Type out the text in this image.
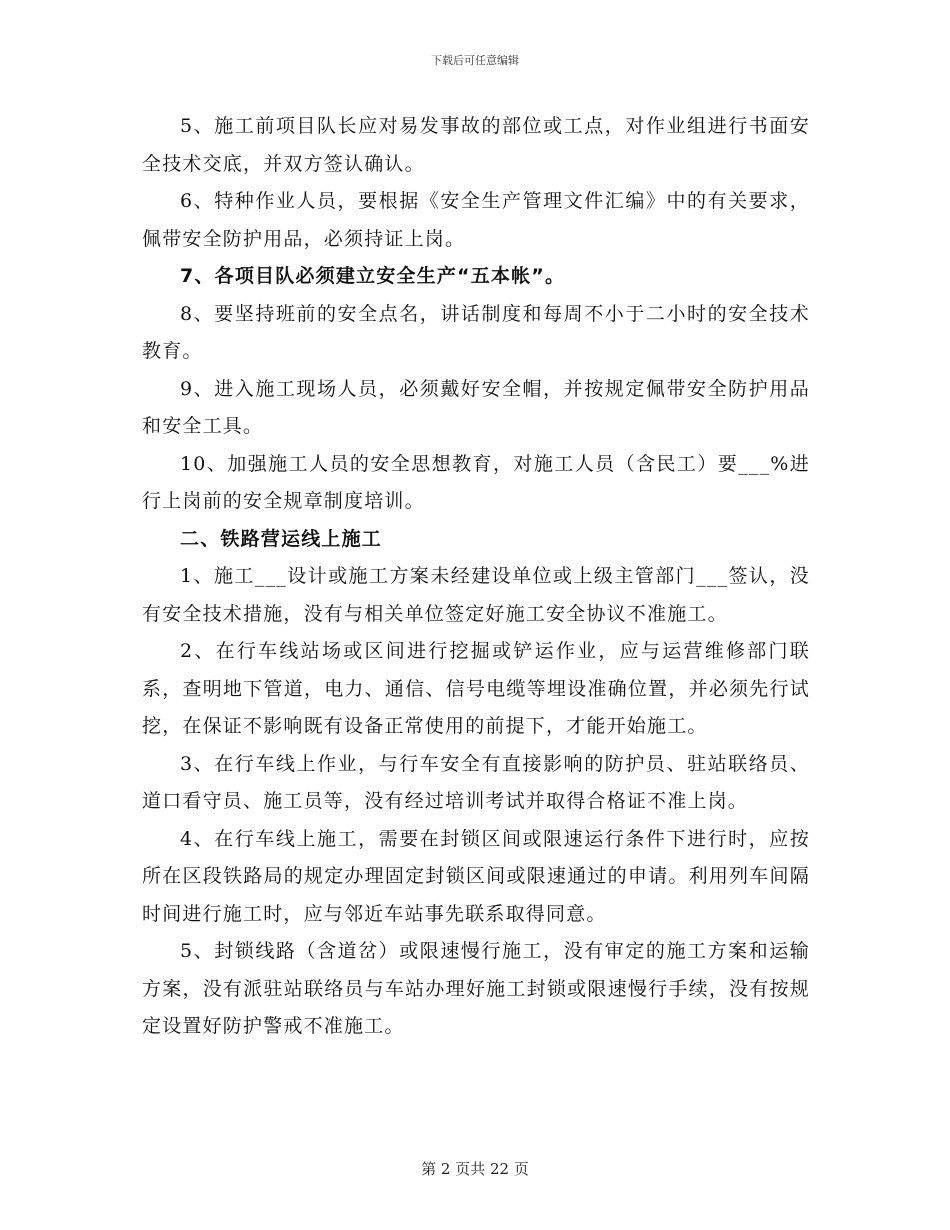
下载后可任意编辑

5、施工前项目队长应对易发事故的部位或工点，对作业组进行书面安全技术交底，并双方签认确认。

6、特种作业人员，要根据《安全生产管理文件汇编》中的有关要求，佩带安全防护用品，必须持证上岗。

7、各项目队必须建立安全生产“五本帐”。

8、要坚持班前的安全点名，讲话制度和每周不小于二小时的安全技术教育。

9、进入施工现场人员，必须戴好安全帽，并按规定佩带安全防护用品和安全工具。

10、加强施工人员的安全思想教育，对施工人员（含民工）要___%进行上岗前的安全规章制度培训。

二、铁路营运线上施工

1、施工___设计或施工方案未经建设单位或上级主管部门___签认，没有安全技术措施，没有与相关单位签定好施工安全协议不准施工。

2、在行车线站场或区间进行挖掘或铲运作业，应与运营维修部门联系，查明地下管道，电力、通信、信号电缆等埋设准确位置，并必须先行试挖，在保证不影响既有设备正常使用的前提下，才能开始施工。

3、在行车线上作业，与行车安全有直接影响的防护员、驻站联络员、道口看守员、施工员等，没有经过培训考试并取得合格证不准上岗。

4、在行车线上施工，需要在封锁区间或限速运行条件下进行时，应按所在区段铁路局的规定办理固定封锁区间或限速通过的申请。利用列车间隔时间进行施工时，应与邻近车站事先联系取得同意。

5、封锁线路（含道岔）或限速慢行施工，没有审定的施工方案和运输方案，没有派驻站联络员与车站办理好施工封锁或限速慢行手续，没有按规定设置好防护警戒不准施工。

第 2 页共 22 页
